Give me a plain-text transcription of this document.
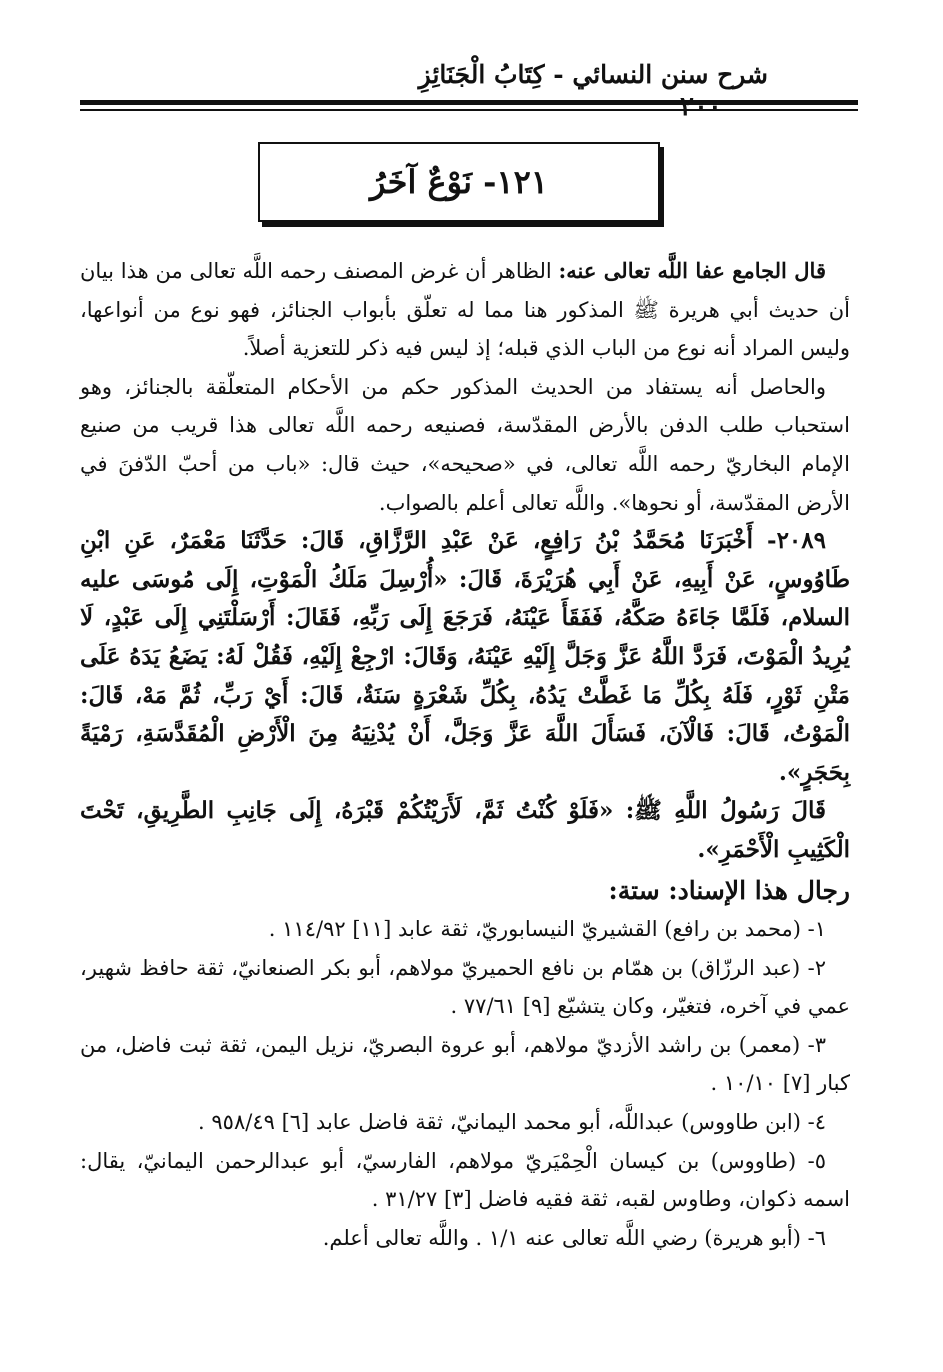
شرح سنن النسائي - كِتَابُ الْجَنَائِزِ
٢٠٠
١٢١- نَوْعٌ آخَرُ

قال الجامع عفا اللَّه تعالى عنه: الظاهر أن غرض المصنف رحمه اللَّه تعالى من هذا بيان أن حديث أبي هريرة ﷺ المذكور هنا مما له تعلّق بأبواب الجنائز، فهو نوع من أنواعها، وليس المراد أنه نوع من الباب الذي قبله؛ إذ ليس فيه ذكر للتعزية أصلاً.

والحاصل أنه يستفاد من الحديث المذكور حكم من الأحكام المتعلّقة بالجنائز، وهو استحباب طلب الدفن بالأرض المقدّسة، فصنيعه رحمه اللَّه تعالى هذا قريب من صنيع الإمام البخاريّ رحمه اللَّه تعالى، في «صحيحه»، حيث قال: «باب من أحبّ الدّفنَ في الأرض المقدّسة، أو نحوها». واللَّه تعالى أعلم بالصواب.

٢٠٨٩- أَخْبَرَنَا مُحَمَّدُ بْنُ رَافِعٍ، عَنْ عَبْدِ الرَّزَّاقِ، قَالَ: حَدَّثَنَا مَعْمَرٌ، عَنِ ابْنِ طَاوُوسٍ، عَنْ أَبِيهِ، عَنْ أَبِي هُرَيْرَةَ، قَالَ: «أُرْسِلَ مَلَكُ الْمَوْتِ، إِلَى مُوسَى عليه السلام، فَلَمَّا جَاءَهُ صَكَّهُ، فَفَقَأَ عَيْنَهُ، فَرَجَعَ إِلَى رَبِّهِ، فَقَالَ: أَرْسَلْتَنِي إِلَى عَبْدٍ، لَا يُرِيدُ الْمَوْتَ، فَرَدَّ اللَّهُ عَزَّ وَجَلَّ إِلَيْهِ عَيْنَهُ، وَقَالَ: ارْجِعْ إِلَيْهِ، فَقُلْ لَهُ: يَضَعُ يَدَهُ عَلَى مَتْنِ ثَوْرٍ، فَلَهُ بِكُلِّ مَا غَطَّتْ يَدُهُ، بِكُلِّ شَعْرَةٍ سَنَةٌ، قَالَ: أَيْ رَبِّ، ثُمَّ مَهْ، قَالَ: الْمَوْتُ، قَالَ: فَالْآنَ، فَسَأَلَ اللَّهَ عَزَّ وَجَلَّ، أَنْ يُدْنِيَهُ مِنَ الْأَرْضِ الْمُقَدَّسَةِ، رَمْيَةً بِحَجَرٍ».

قَالَ رَسُولُ اللَّهِ ﷺ: «فَلَوْ كُنْتُ ثَمَّ، لَأَرَيْتُكُمْ قَبْرَهُ، إِلَى جَانِبِ الطَّرِيقِ، تَحْتَ الْكَثِيبِ الْأَحْمَرِ».

رجال هذا الإسناد: ستة:

١- (محمد بن رافع) القشيريّ النيسابوريّ، ثقة عابد [١١] ١١٤/٩٢ .

٢- (عبد الرزّاق) بن همّام بن نافع الحميريّ مولاهم، أبو بكر الصنعانيّ، ثقة حافظ شهير، عمي في آخره، فتغيّر، وكان يتشيّع [٩] ٧٧/٦١ .

٣- (معمر) بن راشد الأزديّ مولاهم، أبو عروة البصريّ، نزيل اليمن، ثقة ثبت فاضل، من كبار [٧] ١٠/١٠ .

٤- (ابن طاووس) عبداللَّه، أبو محمد اليمانيّ، ثقة فاضل عابد [٦] ٩٥٨/٤٩ .

٥- (طاووس) بن كيسان الْحِمْيَريّ مولاهم، الفارسيّ، أبو عبدالرحمن اليمانيّ، يقال: اسمه ذكوان، وطاوس لقبه، ثقة فقيه فاضل [٣] ٣١/٢٧ .

٦- (أبو هريرة) رضي اللَّه تعالى عنه ١/١ . واللَّه تعالى أعلم.
